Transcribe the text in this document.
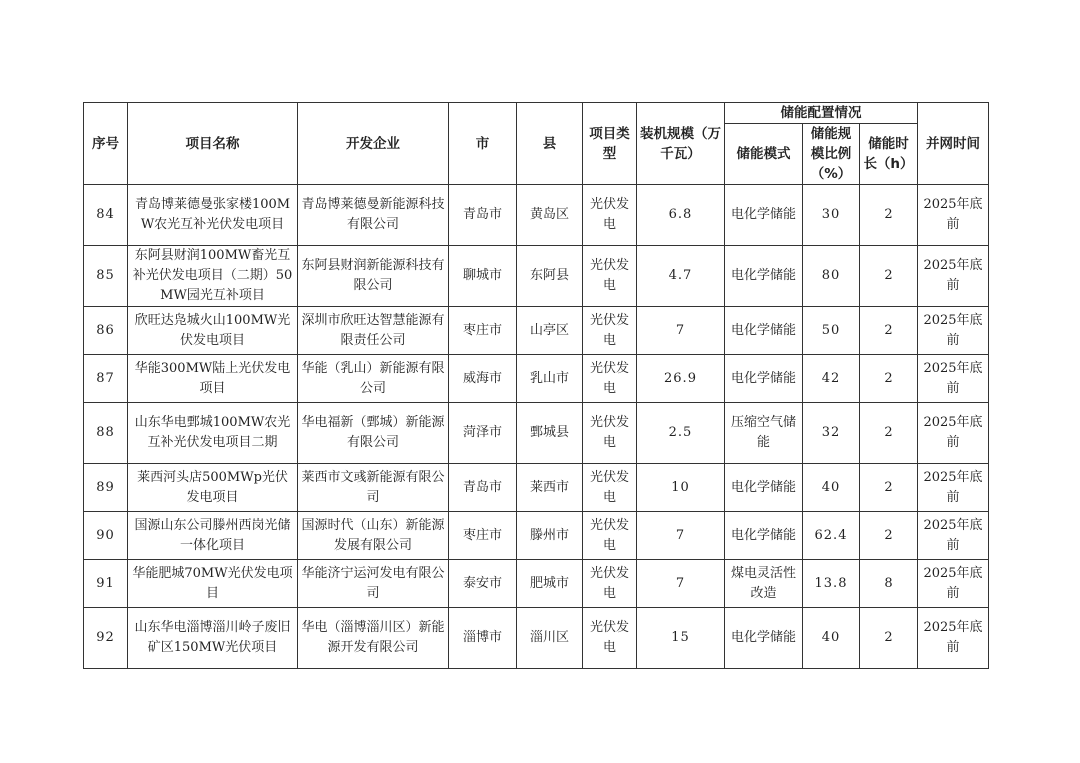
序号	项目名称	开发企业	市	县	项目类型	装机规模（万千瓦）	储能配置情况			并网时间
							储能模式	储能规模比例（%）	储能时长（h）	
84	青岛博莱德曼张家楼100MW农光互补光伏发电项目	青岛博莱德曼新能源科技有限公司	青岛市	黄岛区	光伏发电	6.8	电化学储能	30	2	2025年底前
85	东阿县财润100MW畜光互补光伏发电项目（二期）50MW园光互补项目	东阿县财润新能源科技有限公司	聊城市	东阿县	光伏发电	4.7	电化学储能	80	2	2025年底前
86	欣旺达凫城火山100MW光伏发电项目	深圳市欣旺达智慧能源有限责任公司	枣庄市	山亭区	光伏发电	7	电化学储能	50	2	2025年底前
87	华能300MW陆上光伏发电项目	华能（乳山）新能源有限公司	威海市	乳山市	光伏发电	26.9	电化学储能	42	2	2025年底前
88	山东华电鄄城100MW农光互补光伏发电项目二期	华电福新（鄄城）新能源有限公司	菏泽市	鄄城县	光伏发电	2.5	压缩空气储能	32	2	2025年底前
89	莱西河头店500MWp光伏发电项目	莱西市文彧新能源有限公司	青岛市	莱西市	光伏发电	10	电化学储能	40	2	2025年底前
90	国源山东公司滕州西岗光储一体化项目	国源时代（山东）新能源发展有限公司	枣庄市	滕州市	光伏发电	7	电化学储能	62.4	2	2025年底前
91	华能肥城70MW光伏发电项目	华能济宁运河发电有限公司	泰安市	肥城市	光伏发电	7	煤电灵活性改造	13.8	8	2025年底前
92	山东华电淄博淄川岭子废旧矿区150MW光伏项目	华电（淄博淄川区）新能源开发有限公司	淄博市	淄川区	光伏发电	15	电化学储能	40	2	2025年底前
